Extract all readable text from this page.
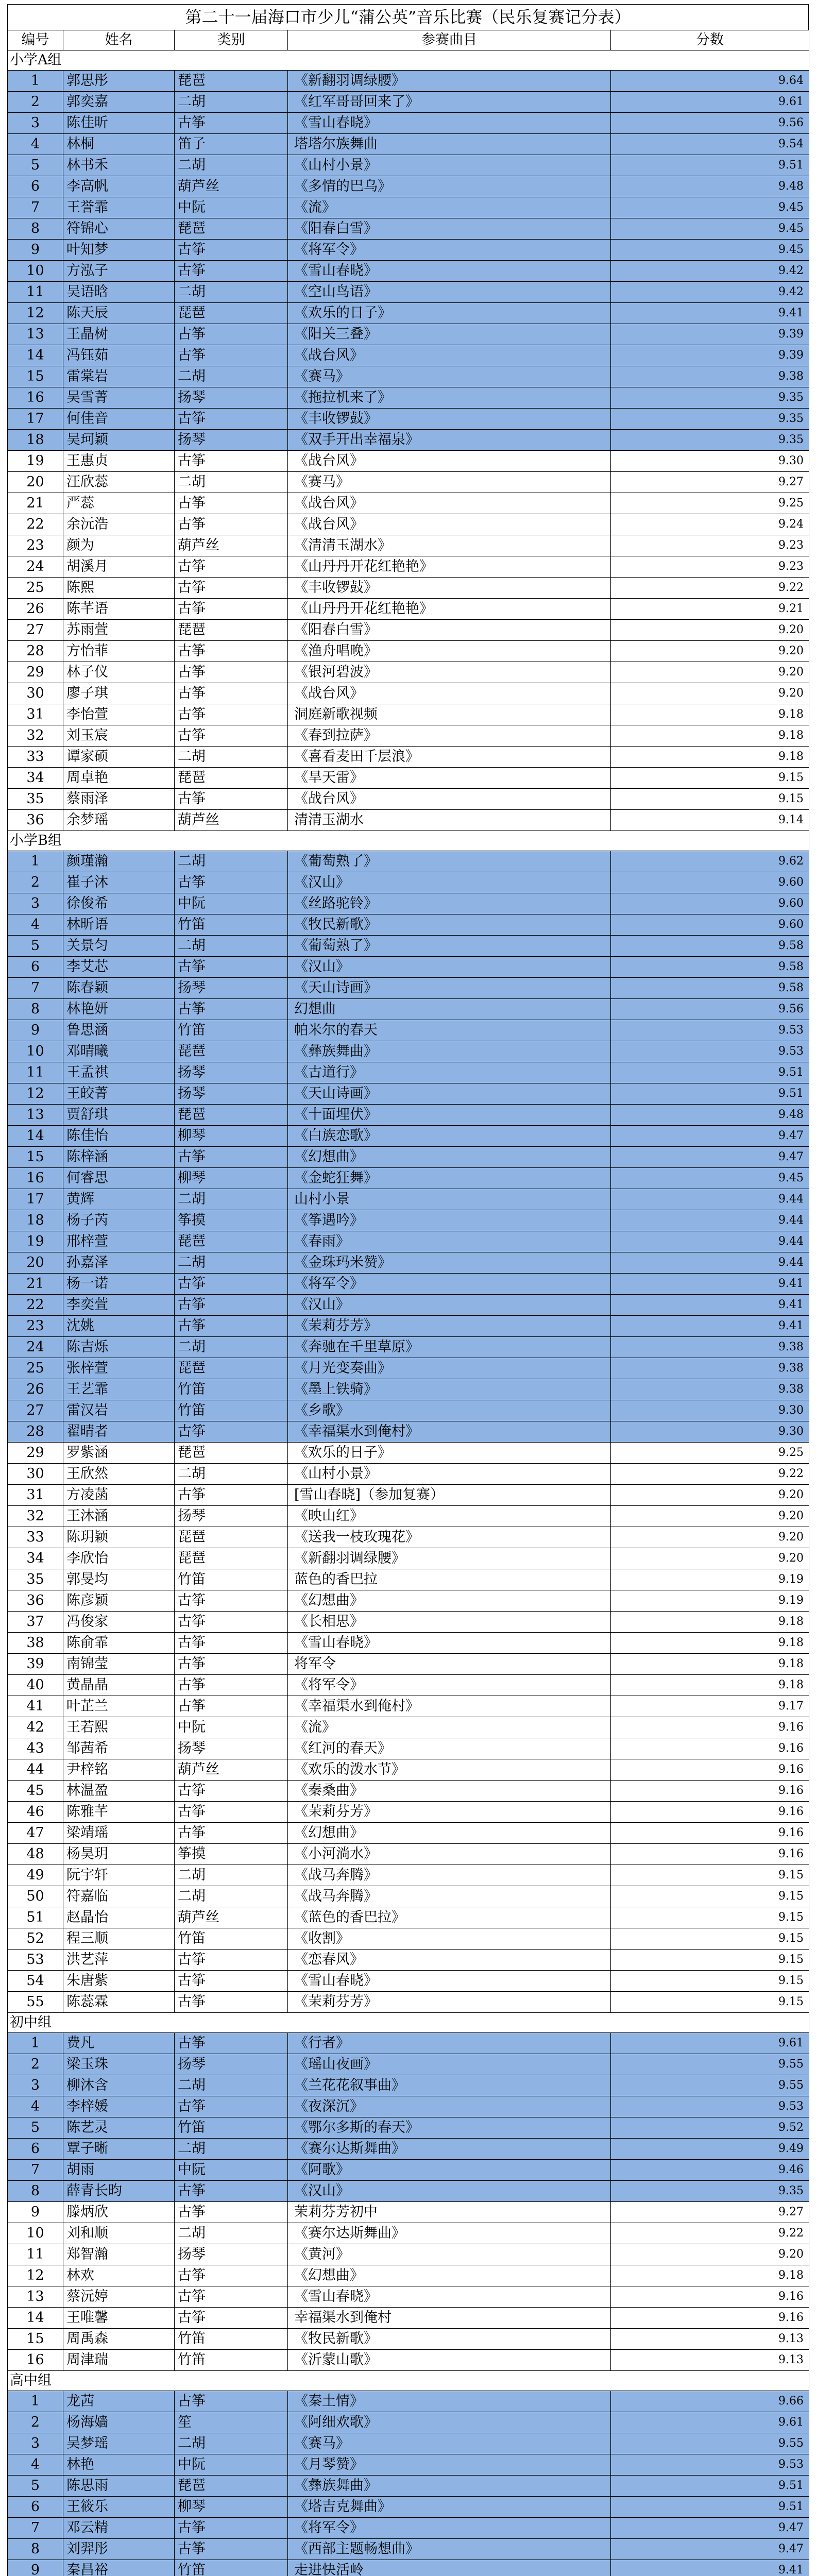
第二十一届海口市少儿“蒲公英”音乐比赛（民乐复赛记分表）
编号	姓名	类别	参赛曲目	分数
小学A组				
1	郭思彤	琵琶	《新翻羽调绿腰》	9.64
2	郭奕嘉	二胡	《红军哥哥回来了》	9.61
3	陈佳昕	古筝	《雪山春晓》	9.56
4	林桐	笛子	塔塔尔族舞曲	9.54
5	林书禾	二胡	《山村小景》	9.51
6	李高帆	葫芦丝	《多情的巴乌》	9.48
7	王誉霏	中阮	《流》	9.45
8	符锦心	琵琶	《阳春白雪》	9.45
9	叶知梦	古筝	《将军令》	9.45
10	方泓子	古筝	《雪山春晓》	9.42
11	吴语晗	二胡	《空山鸟语》	9.42
12	陈天辰	琵琶	《欢乐的日子》	9.41
13	王晶树	古筝	《阳关三叠》	9.39
14	冯钰茹	古筝	《战台风》	9.39
15	雷棠岩	二胡	《赛马》	9.38
16	吴雪菁	扬琴	《拖拉机来了》	9.35
17	何佳音	古筝	《丰收锣鼓》	9.35
18	吴珂颖	扬琴	《双手开出幸福泉》	9.35
19	王惠贞	古筝	《战台风》	9.30
20	汪欣蕊	二胡	《赛马》	9.27
21	严蕊	古筝	《战台风》	9.25
22	余沅浩	古筝	《战台风》	9.24
23	颜为	葫芦丝	《清清玉湖水》	9.23
24	胡溪月	古筝	《山丹丹开花红艳艳》	9.23
25	陈熙	古筝	《丰收锣鼓》	9.22
26	陈芊语	古筝	《山丹丹开花红艳艳》	9.21
27	苏雨萱	琵琶	《阳春白雪》	9.20
28	方怡菲	古筝	《渔舟唱晚》	9.20
29	林子仪	古筝	《银河碧波》	9.20
30	廖子琪	古筝	《战台风》	9.20
31	李怡萱	古筝	洞庭新歌视频	9.18
32	刘玉宸	古筝	《春到拉萨》	9.18
33	谭家硕	二胡	《喜看麦田千层浪》	9.18
34	周卓艳	琵琶	《旱天雷》	9.15
35	蔡雨泽	古筝	《战台风》	9.15
36	余梦瑶	葫芦丝	清清玉湖水	9.14
小学B组				
1	颜瑾瀚	二胡	《葡萄熟了》	9.62
2	崔子沐	古筝	《汉山》	9.60
3	徐俊希	中阮	《丝路驼铃》	9.60
4	林昕语	竹笛	《牧民新歌》	9.60
5	关景匀	二胡	《葡萄熟了》	9.58
6	李艾芯	古筝	《汉山》	9.58
7	陈春颖	扬琴	《天山诗画》	9.58
8	林艳妍	古筝	幻想曲	9.56
9	鲁思涵	竹笛	帕米尔的春天	9.53
10	邓晴曦	琵琶	《彝族舞曲》	9.53
11	王孟祺	扬琴	《古道行》	9.51
12	王皎菁	扬琴	《天山诗画》	9.51
13	贾舒琪	琵琶	《十面埋伏》	9.48
14	陈佳怡	柳琴	《白族恋歌》	9.47
15	陈梓涵	古筝	《幻想曲》	9.47
16	何睿思	柳琴	《金蛇狂舞》	9.45
17	黄辉	二胡	山村小景	9.44
18	杨子芮	筝摸	《筝遇吟》	9.44
19	邢梓萱	琵琶	《春雨》	9.44
20	孙嘉泽	二胡	《金珠玛米赞》	9.44
21	杨一诺	古筝	《将军令》	9.41
22	李奕萱	古筝	《汉山》	9.41
23	沈姚	古筝	《茉莉芬芳》	9.41
24	陈吉烁	二胡	《奔驰在千里草原》	9.38
25	张梓萱	琵琶	《月光变奏曲》	9.38
26	王艺霏	竹笛	《墨上铁骑》	9.38
27	雷汉岩	竹笛	《乡歌》	9.30
28	翟晴者	古筝	《幸福渠水到俺村》	9.30
29	罗紫涵	琵琶	《欢乐的日子》	9.25
30	王欣然	二胡	《山村小景》	9.22
31	方凌菡	古筝	[雪山春晓]（参加复赛）	9.20
32	王沐涵	扬琴	《映山红》	9.20
33	陈玥颖	琵琶	《送我一枝玫瑰花》	9.20
34	李欣怡	琵琶	《新翻羽调绿腰》	9.20
35	郭旻均	竹笛	蓝色的香巴拉	9.19
36	陈彦颖	古筝	《幻想曲》	9.19
37	冯俊家	古筝	《长相思》	9.18
38	陈俞霏	古筝	《雪山春晓》	9.18
39	南锦莹	古筝	将军令	9.18
40	黄晶晶	古筝	《将军令》	9.18
41	叶芷兰	古筝	《幸福渠水到俺村》	9.17
42	王若熙	中阮	《流》	9.16
43	邹茜希	扬琴	《红河的春天》	9.16
44	尹梓铭	葫芦丝	《欢乐的泼水节》	9.16
45	林温盈	古筝	《秦桑曲》	9.16
46	陈雅芊	古筝	《茉莉芬芳》	9.16
47	梁靖瑶	古筝	《幻想曲》	9.16
48	杨昊玥	筝摸	《小河淌水》	9.16
49	阮宇轩	二胡	《战马奔腾》	9.15
50	符嘉临	二胡	《战马奔腾》	9.15
51	赵晶怡	葫芦丝	《蓝色的香巴拉》	9.15
52	程三顺	竹笛	《收割》	9.15
53	洪艺萍	古筝	《恋春风》	9.15
54	朱唐紫	古筝	《雪山春晓》	9.15
55	陈蕊霖	古筝	《茉莉芬芳》	9.15
初中组				
1	费凡	古筝	《行者》	9.61
2	梁玉珠	扬琴	《瑶山夜画》	9.55
3	柳沐含	二胡	《兰花花叙事曲》	9.55
4	李梓媛	古筝	《夜深沉》	9.53
5	陈艺灵	竹笛	《鄂尔多斯的春天》	9.52
6	覃子晰	二胡	《赛尔达斯舞曲》	9.49
7	胡雨	中阮	《阿歌》	9.46
8	薛青长昀	古筝	《汉山》	9.35
9	滕炳欣	古筝	茉莉芬芳初中	9.27
10	刘和顺	二胡	《赛尔达斯舞曲》	9.22
11	郑智瀚	扬琴	《黄河》	9.20
12	林欢	古筝	《幻想曲》	9.18
13	蔡沅婷	古筝	《雪山春晓》	9.16
14	王唯馨	古筝	幸福渠水到俺村	9.16
15	周禹森	竹笛	《牧民新歌》	9.13
16	周津瑞	竹笛	《沂蒙山歌》	9.13
高中组				
1	龙茜	古筝	《秦土情》	9.66
2	杨海嫱	笙	《阿细欢歌》	9.61
3	吴梦瑶	二胡	《赛马》	9.55
4	林艳	中阮	《月琴赞》	9.53
5	陈思雨	琵琶	《彝族舞曲》	9.51
6	王筱乐	柳琴	《塔吉克舞曲》	9.51
7	邓云精	古筝	《将军令》	9.47
8	刘羿彤	古筝	《西部主题畅想曲》	9.47
9	秦昌裕	竹笛	走进快活岭	9.41
